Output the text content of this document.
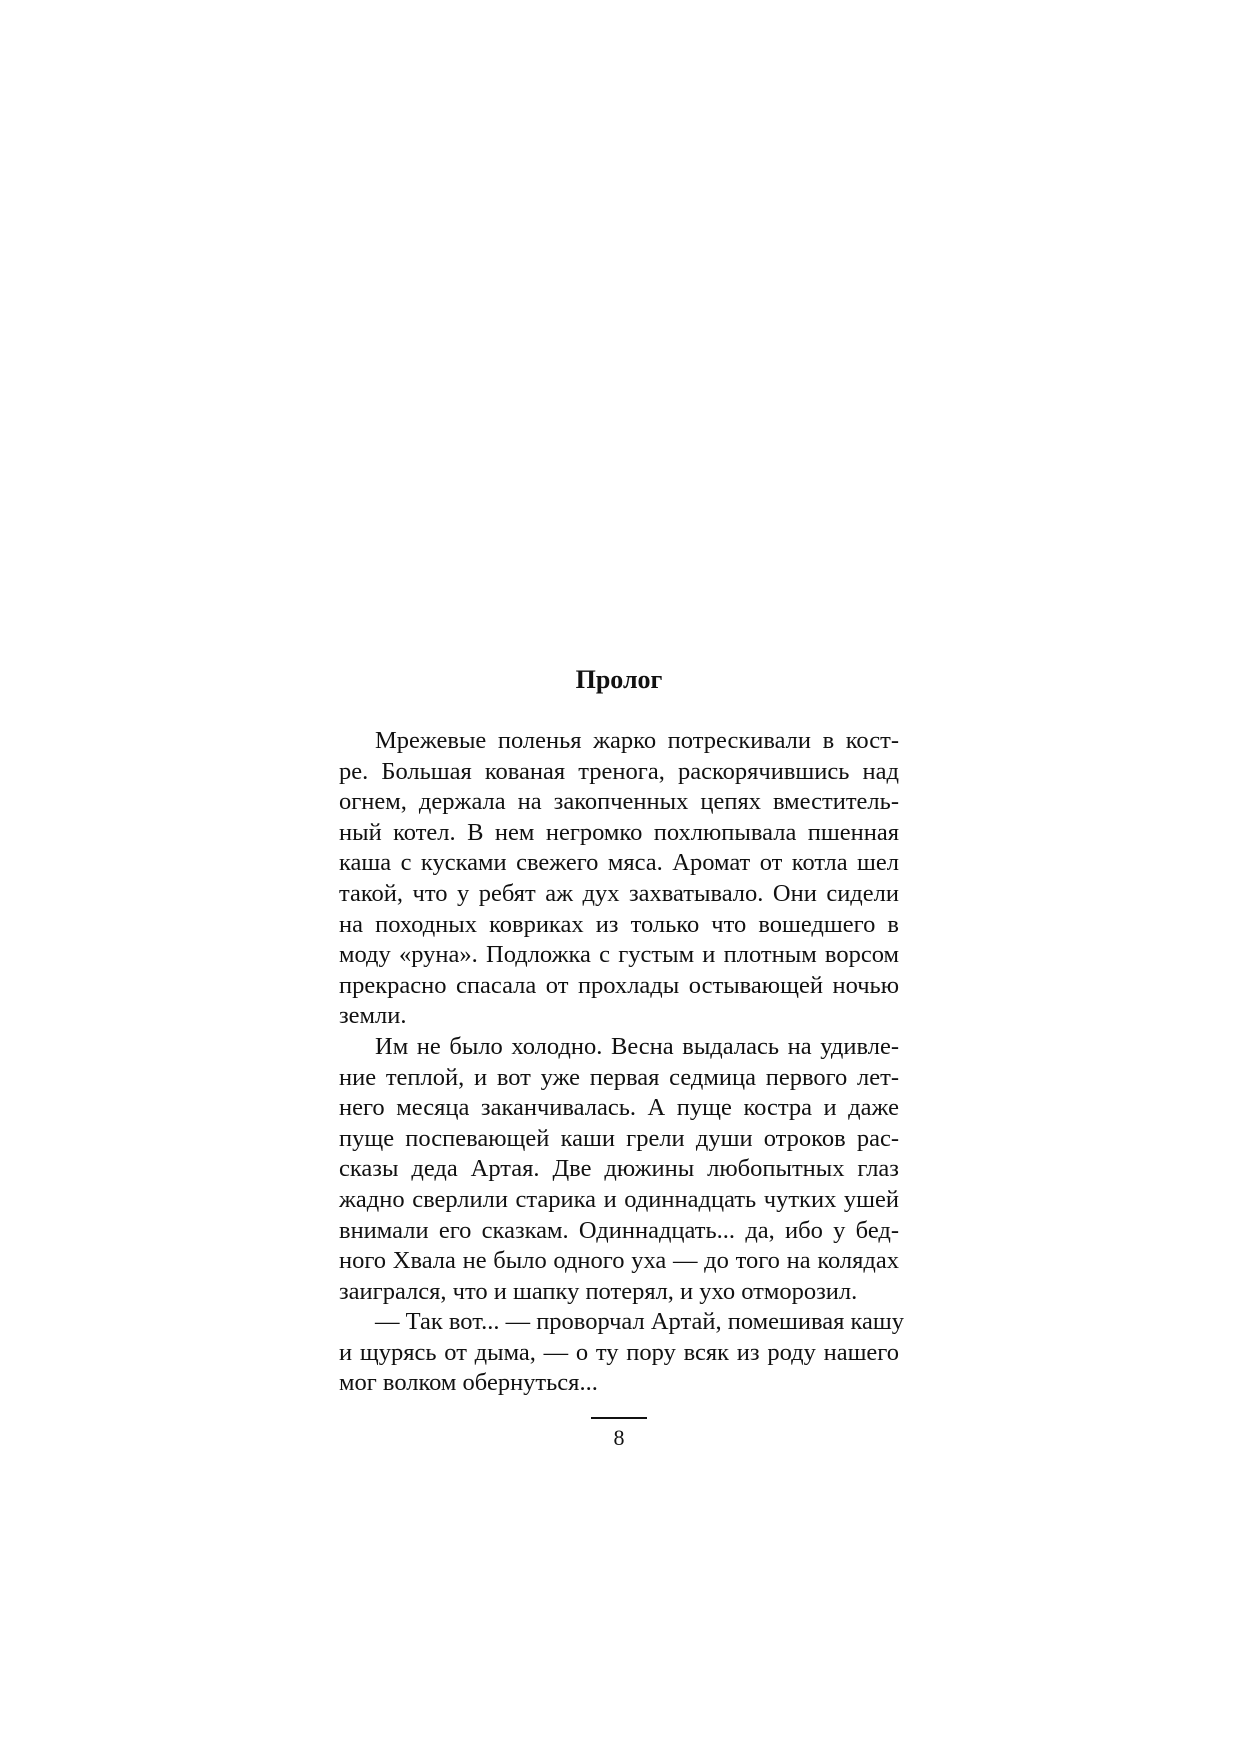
Пролог
Мрежевые поленья жарко потрескивали в кост-
ре. Большая кованая тренога, раскорячившись над
огнем, держала на закопченных цепях вместитель-
ный котел. В нем негромко похлюпывала пшенная
каша с кусками свежего мяса. Аромат от котла шел
такой, что у ребят аж дух захватывало. Они сидели
на походных ковриках из только что вошедшего в
моду «руна». Подложка с густым и плотным ворсом
прекрасно спасала от прохлады остывающей ночью
земли.
Им не было холодно. Весна выдалась на удивле-
ние теплой, и вот уже первая седмица первого лет-
него месяца заканчивалась. А пуще костра и даже
пуще поспевающей каши грели души отроков рас-
сказы деда Артая. Две дюжины любопытных глаз
жадно сверлили старика и одиннадцать чутких ушей
внимали его сказкам. Одиннадцать... да, ибо у бед-
ного Хвала не было одного уха — до того на колядах
заигрался, что и шапку потерял, и ухо отморозил.
— Так вот... — проворчал Артай, помешивая кашу
и щурясь от дыма, — о ту пору всяк из роду нашего
мог волком обернуться...
8
